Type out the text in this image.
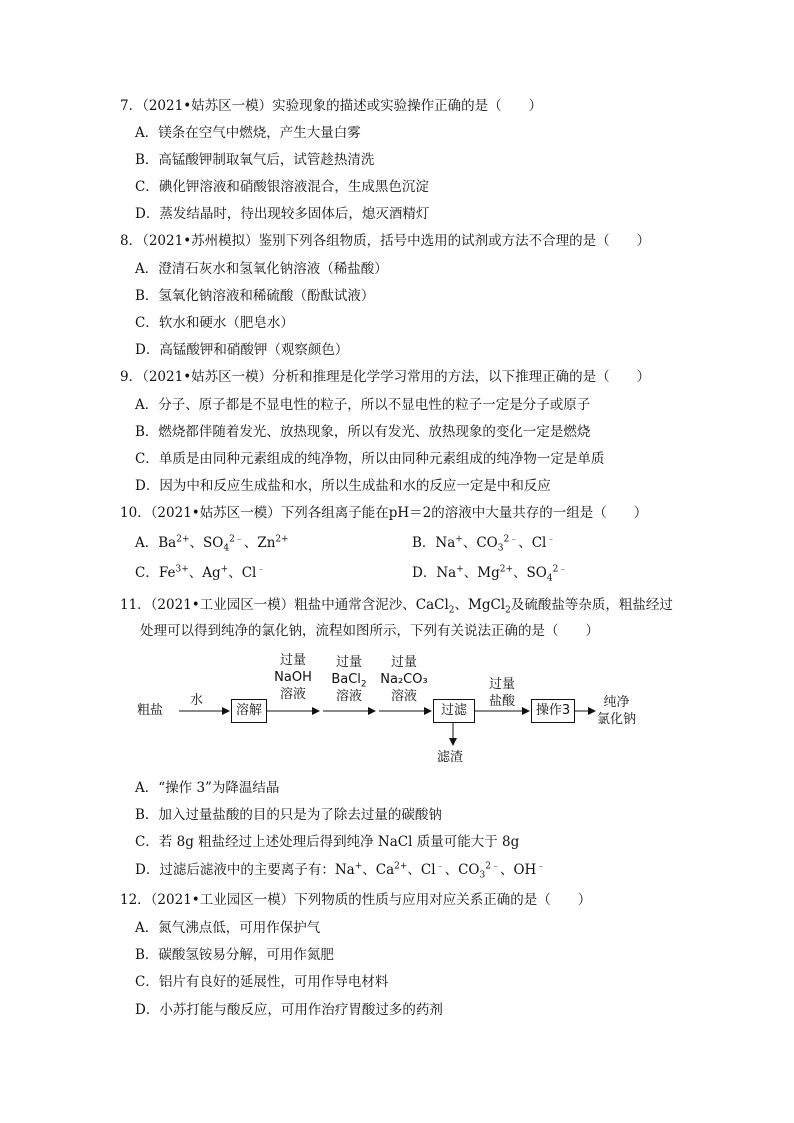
7．（2021•姑苏区一模）实验现象的描述或实验操作正确的是（　　）
A．镁条在空气中燃烧，产生大量白雾
B．高锰酸钾制取氧气后，试管趁热清洗
C．碘化钾溶液和硝酸银溶液混合，生成黑色沉淀
D．蒸发结晶时，待出现较多固体后，熄灭酒精灯
8．（2021•苏州模拟）鉴别下列各组物质，括号中选用的试剂或方法不合理的是（　　）
A．澄清石灰水和氢氧化钠溶液（稀盐酸）
B．氢氧化钠溶液和稀硫酸（酚酞试液）
C．软水和硬水（肥皂水）
D．高锰酸钾和硝酸钾（观察颜色）
9．（2021•姑苏区一模）分析和推理是化学学习常用的方法，以下推理正确的是（　　）
A．分子、原子都是不显电性的粒子，所以不显电性的粒子一定是分子或原子
B．燃烧都伴随着发光、放热现象，所以有发光、放热现象的变化一定是燃烧
C．单质是由同种元素组成的纯净物，所以由同种元素组成的纯净物一定是单质
D．因为中和反应生成盐和水，所以生成盐和水的反应一定是中和反应
10．（2021•姑苏区一模）下列各组离子能在pH＝2的溶液中大量共存的一组是（　　）
A．$Ba^{2+}$、$SO_4^{2﹣}$、$Zn^{2+}$	B．Na+、$CO_3^{2﹣}$、Cl﹣
C．$Fe^{3+}$、Ag+、Cl﹣	D．Na+、$Mg^{2+}$、$SO_4^{2﹣}$
11．（2021•工业园区一模）粗盐中通常含泥沙、CaCl$_2$、MgCl$_2$及硫酸盐等杂质，粗盐经过
处理可以得到纯净的氯化钠，流程如图所示，下列有关说法正确的是（　　）
粗盐
水
溶解
过量
NaOH
溶液
过量
BaCl$_2$
溶液
过量
Na₂CO₃
溶液
过滤
过量
盐酸
操作3
纯净
氯化钠
滤渣
A．“操作 3”为降温结晶
B．加入过量盐酸的目的只是为了除去过量的碳酸钠
C．若 8g 粗盐经过上述处理后得到纯净 NaCl 质量可能大于 8g
D．过滤后滤液中的主要离子有：Na+、$Ca^{2+}$、Cl﹣、$CO_3^{2﹣}$、OH﹣
12．（2021•工业园区一模）下列物质的性质与应用对应关系正确的是（　　）
A．氮气沸点低，可用作保护气
B．碳酸氢铵易分解，可用作氮肥
C．铝片有良好的延展性，可用作导电材料
D．小苏打能与酸反应，可用作治疗胃酸过多的药剂
